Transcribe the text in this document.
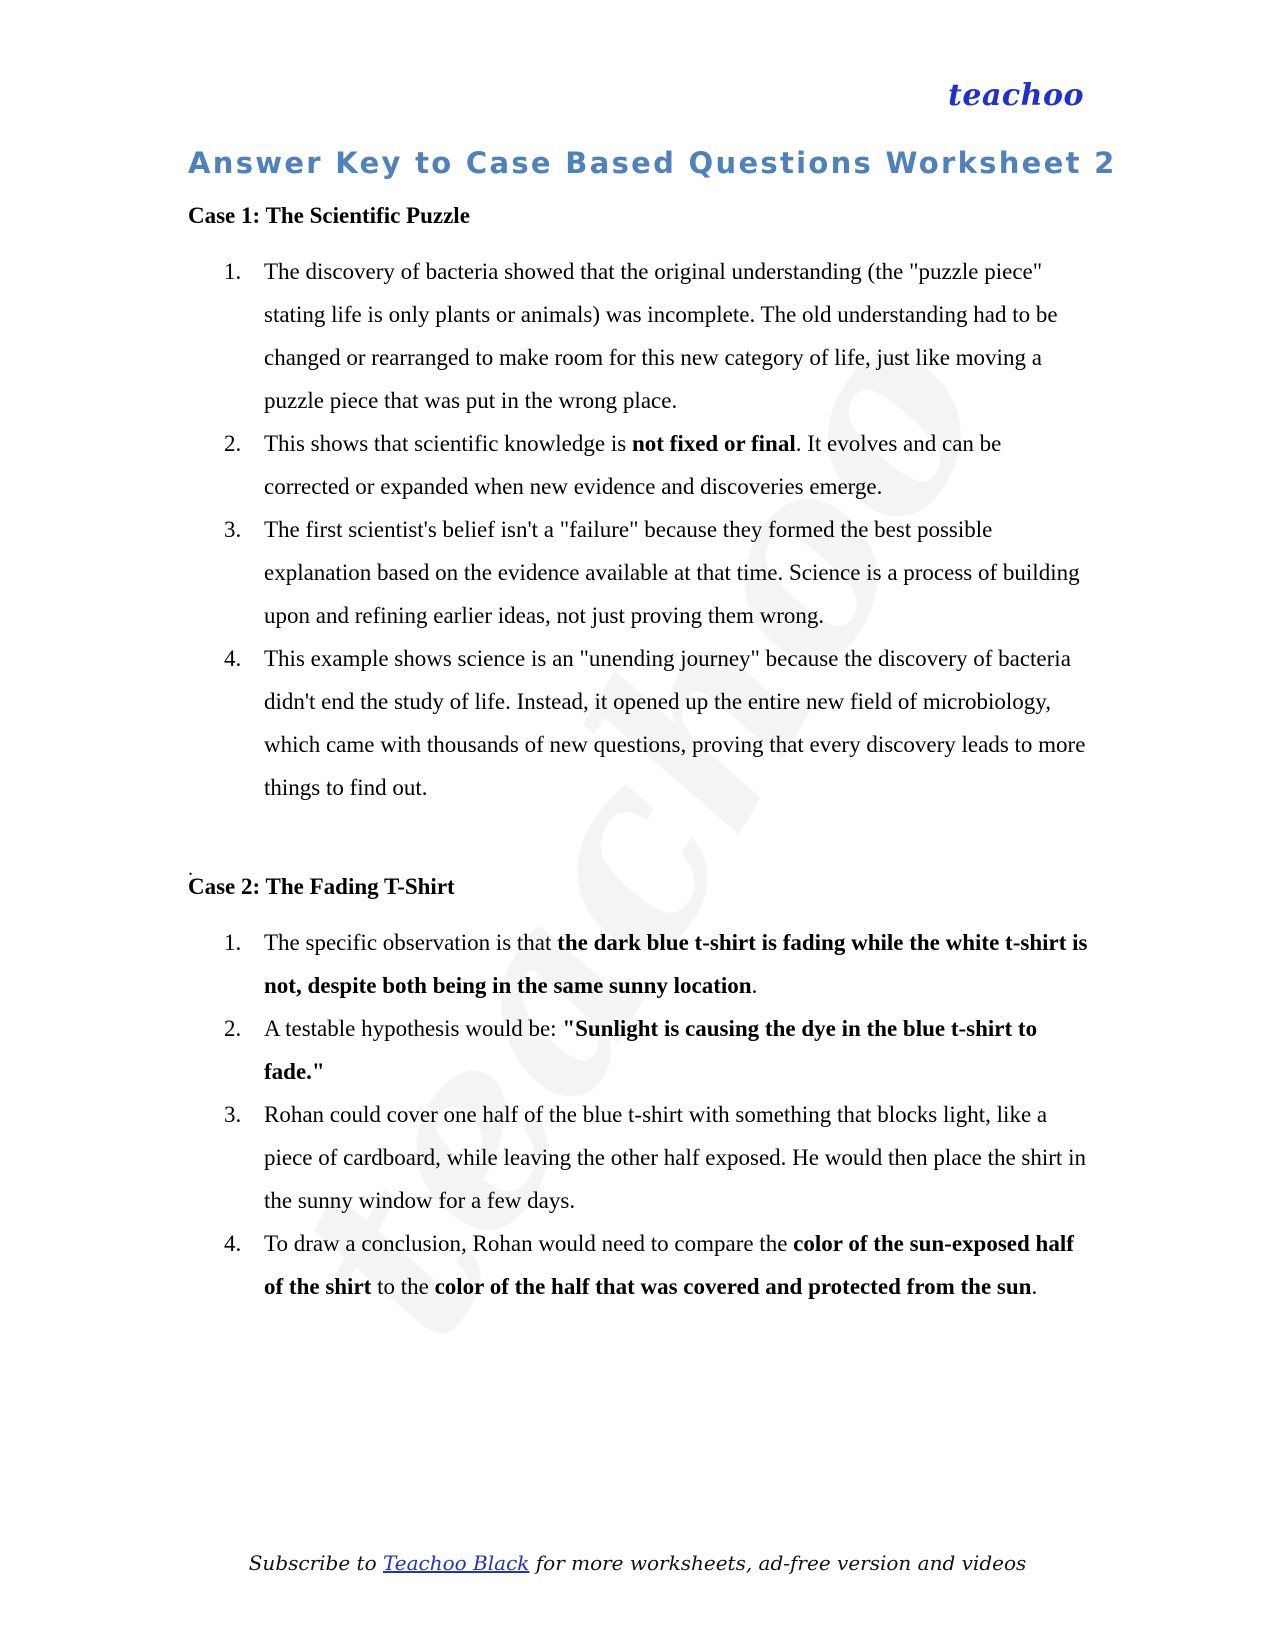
teachoo
Answer Key to Case Based Questions Worksheet 2
Case 1: The Scientific Puzzle
1. The discovery of bacteria showed that the original understanding (the "puzzle piece" stating life is only plants or animals) was incomplete. The old understanding had to be changed or rearranged to make room for this new category of life, just like moving a puzzle piece that was put in the wrong place.
2. This shows that scientific knowledge is not fixed or final. It evolves and can be corrected or expanded when new evidence and discoveries emerge.
3. The first scientist's belief isn't a "failure" because they formed the best possible explanation based on the evidence available at that time. Science is a process of building upon and refining earlier ideas, not just proving them wrong.
4. This example shows science is an "unending journey" because the discovery of bacteria didn't end the study of life. Instead, it opened up the entire new field of microbiology, which came with thousands of new questions, proving that every discovery leads to more things to find out.
.
Case 2: The Fading T-Shirt
1. The specific observation is that the dark blue t-shirt is fading while the white t-shirt is not, despite both being in the same sunny location.
2. A testable hypothesis would be: "Sunlight is causing the dye in the blue t-shirt to fade."
3. Rohan could cover one half of the blue t-shirt with something that blocks light, like a piece of cardboard, while leaving the other half exposed. He would then place the shirt in the sunny window for a few days.
4. To draw a conclusion, Rohan would need to compare the color of the sun-exposed half of the shirt to the color of the half that was covered and protected from the sun.
Subscribe to Teachoo Black for more worksheets, ad-free version and videos
